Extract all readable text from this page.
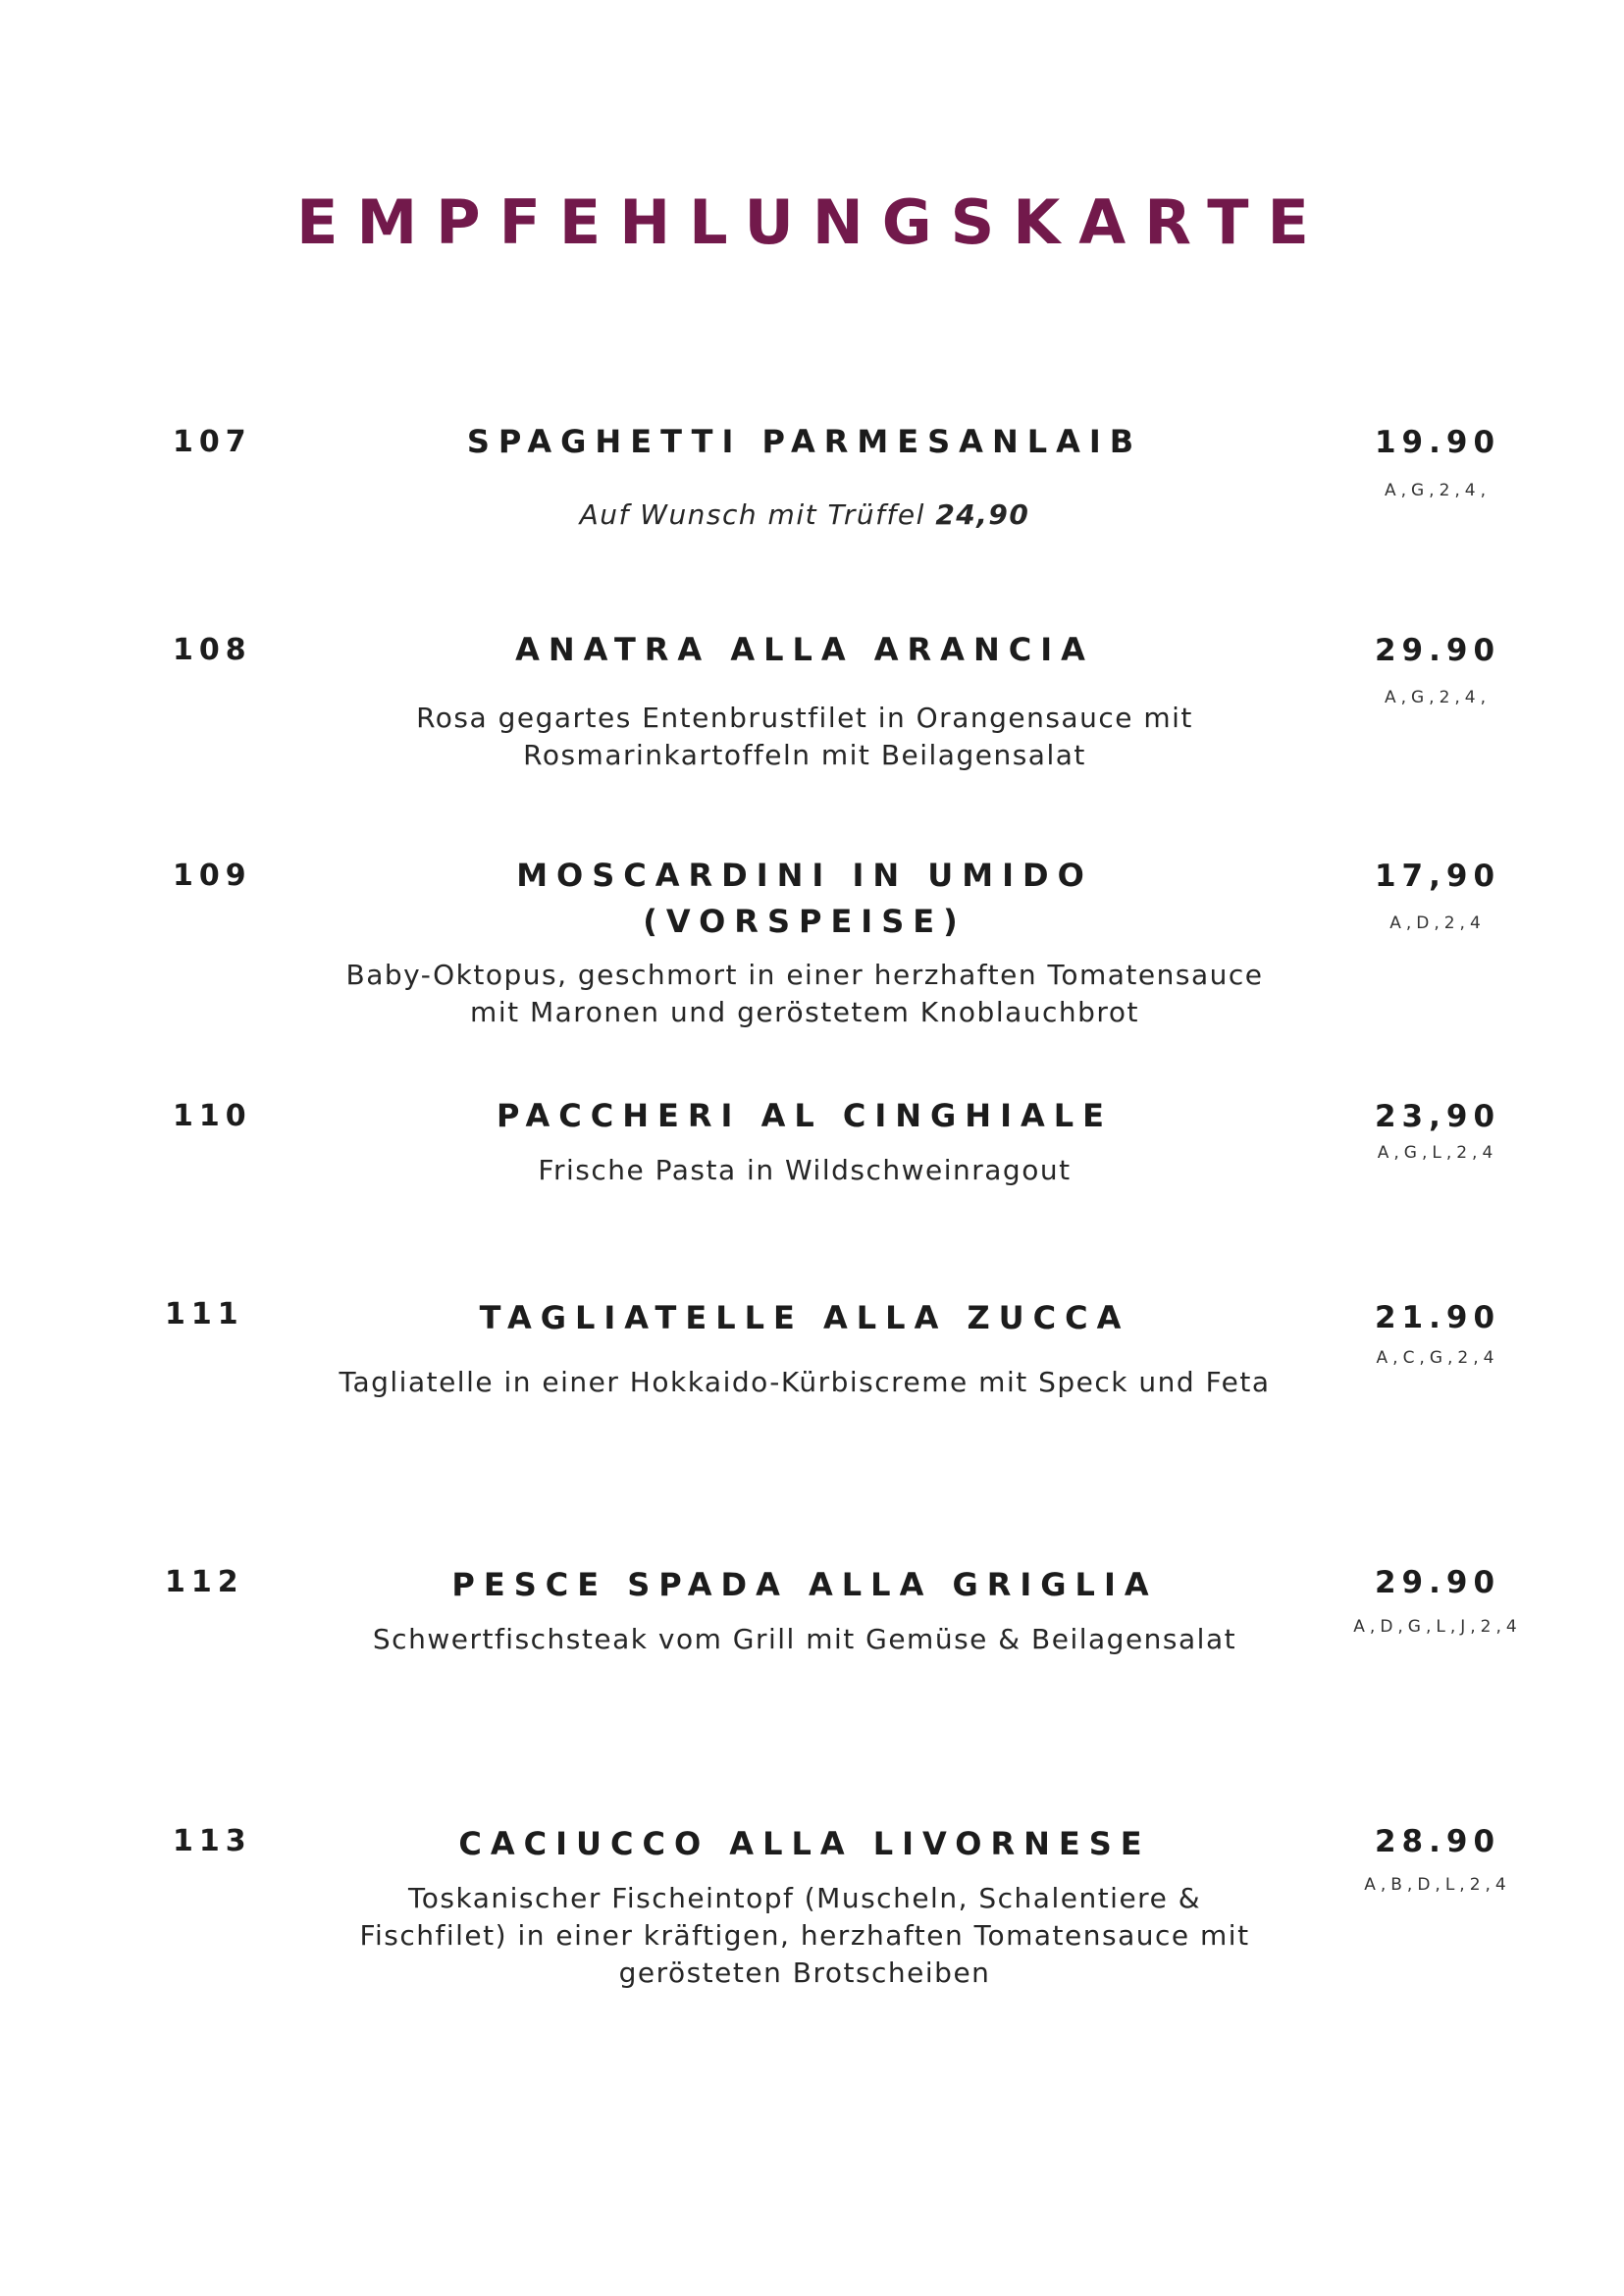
EMPFEHLUNGSKARTE
107	SPAGHETTI PARMESANLAIB
Auf Wunsch mit Trüffel 24,90
19.90
A,G,2,4,
108	ANATRA ALLA ARANCIA
Rosa gegartes Entenbrustfilet in Orangensauce mit
Rosmarinkartoffeln mit Beilagensalat
29.90
A,G,2,4,
109	MOSCARDINI IN UMIDO
(VORSPEISE)
Baby-Oktopus, geschmort in einer herzhaften Tomatensauce
mit Maronen und geröstetem Knoblauchbrot
17,90
A,D,2,4
110	PACCHERI AL CINGHIALE
Frische Pasta in Wildschweinragout
23,90
A,G,L,2,4
111	TAGLIATELLE ALLA ZUCCA
Tagliatelle in einer Hokkaido-Kürbiscreme mit Speck und Feta
21.90
A,C,G,2,4
112	PESCE SPADA ALLA GRIGLIA
Schwertfischsteak vom Grill mit Gemüse & Beilagensalat
29.90
A,D,G,L,J,2,4
113	CACIUCCO ALLA LIVORNESE
Toskanischer Fischeintopf (Muscheln, Schalentiere &
Fischfilet) in einer kräftigen, herzhaften Tomatensauce mit
gerösteten Brotscheiben
28.90
A,B,D,L,2,4
